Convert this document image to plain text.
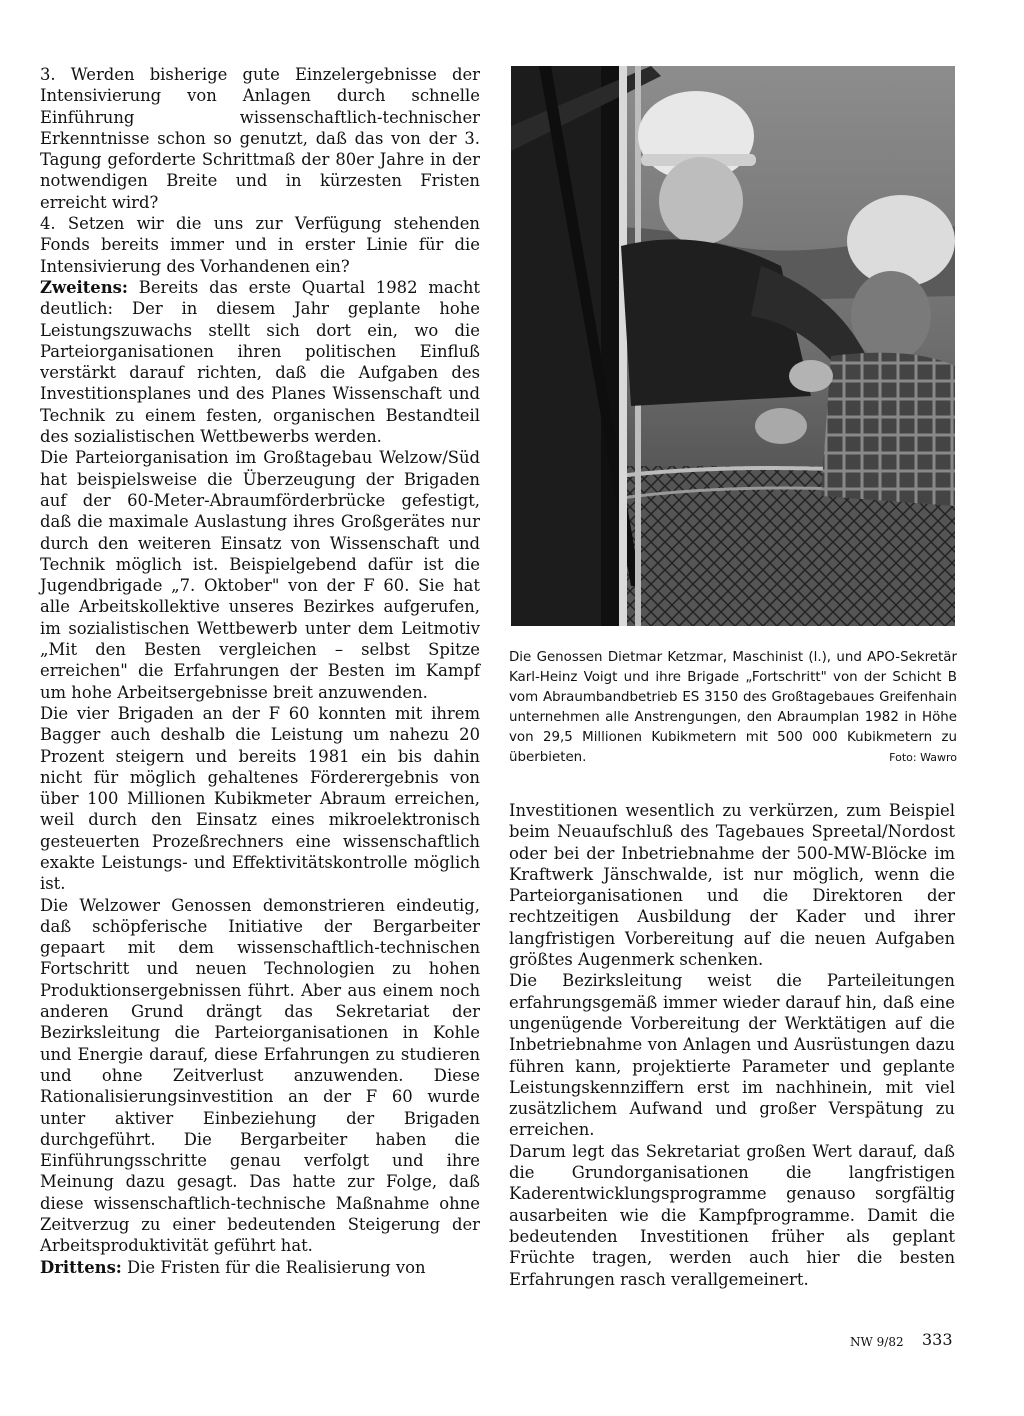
3. Werden bisherige gute Einzelergebnisse der Intensivierung von Anlagen durch schnelle Einführung wissenschaftlich-technischer Erkenntnisse schon so genutzt, daß das von der 3. Tagung geforderte Schrittmaß der 80er Jahre in der notwendigen Breite und in kürzesten Fristen erreicht wird?

4. Setzen wir die uns zur Verfügung stehenden Fonds bereits immer und in erster Linie für die Intensivierung des Vorhandenen ein?

Zweitens: Bereits das erste Quartal 1982 macht deutlich: Der in diesem Jahr geplante hohe Leistungszuwachs stellt sich dort ein, wo die Parteiorganisationen ihren politischen Einfluß verstärkt darauf richten, daß die Aufgaben des Investitionsplanes und des Planes Wissenschaft und Technik zu einem festen, organischen Bestandteil des sozialistischen Wettbewerbs werden.

Die Parteiorganisation im Großtagebau Welzow/Süd hat beispielsweise die Überzeugung der Brigaden auf der 60-Meter-Abraumförderbrücke gefestigt, daß die maximale Auslastung ihres Großgerätes nur durch den weiteren Einsatz von Wissenschaft und Technik möglich ist. Beispielgebend dafür ist die Jugendbrigade „7. Oktober" von der F 60. Sie hat alle Arbeitskollektive unseres Bezirkes aufgerufen, im sozialistischen Wettbewerb unter dem Leitmotiv „Mit den Besten vergleichen – selbst Spitze erreichen" die Erfahrungen der Besten im Kampf um hohe Arbeitsergebnisse breit anzuwenden.

Die vier Brigaden an der F 60 konnten mit ihrem Bagger auch deshalb die Leistung um nahezu 20 Prozent steigern und bereits 1981 ein bis dahin nicht für möglich gehaltenes Förderergebnis von über 100 Millionen Kubikmeter Abraum erreichen, weil durch den Einsatz eines mikroelektronisch gesteuerten Prozeßrechners eine wissenschaftlich exakte Leistungs- und Effektivitätskontrolle möglich ist.

Die Welzower Genossen demonstrieren eindeutig, daß schöpferische Initiative der Bergarbeiter gepaart mit dem wissenschaftlich-technischen Fortschritt und neuen Technologien zu hohen Produktionsergebnissen führt. Aber aus einem noch anderen Grund drängt das Sekretariat der Bezirksleitung die Parteiorganisationen in Kohle und Energie darauf, diese Erfahrungen zu studieren und ohne Zeitverlust anzuwenden. Diese Rationalisierungsinvestition an der F 60 wurde unter aktiver Einbeziehung der Brigaden durchgeführt. Die Bergarbeiter haben die Einführungsschritte genau verfolgt und ihre Meinung dazu gesagt. Das hatte zur Folge, daß diese wissenschaftlich-technische Maßnahme ohne Zeitverzug zu einer bedeutenden Steigerung der Arbeitsproduktivität geführt hat.

Drittens: Die Fristen für die Realisierung von

Die Genossen Dietmar Ketzmar, Maschinist (l.), und APO-Sekretär Karl-Heinz Voigt und ihre Brigade „Fortschritt" von der Schicht B vom Abraumbandbetrieb ES 3150 des Großtagebaues Greifenhain unternehmen alle Anstrengungen, den Abraumplan 1982 in Höhe von 29,5 Millionen Kubikmetern mit 500 000 Kubikmetern zu überbieten.	Foto: Wawro

Investitionen wesentlich zu verkürzen, zum Beispiel beim Neuaufschluß des Tagebaues Spreetal/Nordost oder bei der Inbetriebnahme der 500-MW-Blöcke im Kraftwerk Jänschwalde, ist nur möglich, wenn die Parteiorganisationen und die Direktoren der rechtzeitigen Ausbildung der Kader und ihrer langfristigen Vorbereitung auf die neuen Aufgaben größtes Augenmerk schenken.

Die Bezirksleitung weist die Parteileitungen erfahrungsgemäß immer wieder darauf hin, daß eine ungenügende Vorbereitung der Werktätigen auf die Inbetriebnahme von Anlagen und Ausrüstungen dazu führen kann, projektierte Parameter und geplante Leistungskennziffern erst im nachhinein, mit viel zusätzlichem Aufwand und großer Verspätung zu erreichen.

Darum legt das Sekretariat großen Wert darauf, daß die Grundorganisationen die langfristigen Kaderentwicklungsprogramme genauso sorgfältig ausarbeiten wie die Kampfprogramme. Damit die bedeutenden Investitionen früher als geplant Früchte tragen, werden auch hier die besten Erfahrungen rasch verallgemeinert.

NW 9/82 333
